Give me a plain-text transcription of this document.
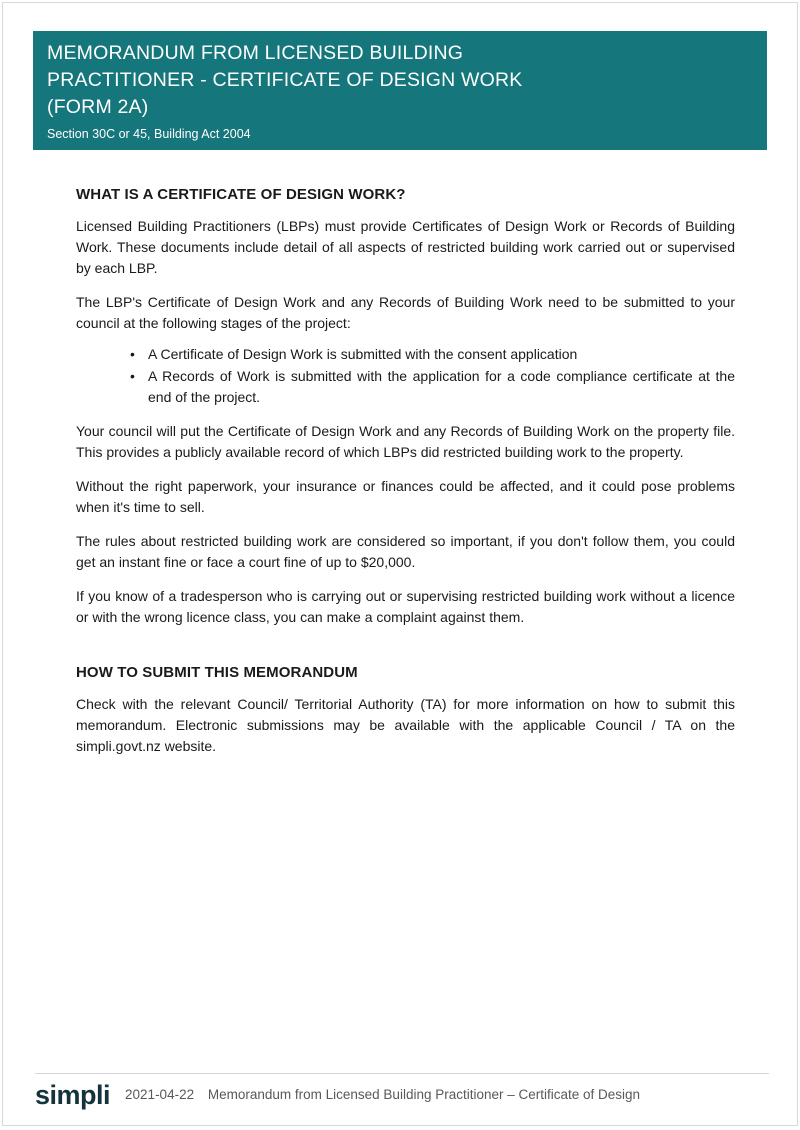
MEMORANDUM FROM LICENSED BUILDING
PRACTITIONER - CERTIFICATE OF DESIGN WORK
(FORM 2A)
Section 30C or 45, Building Act 2004
WHAT IS A CERTIFICATE OF DESIGN WORK?

Licensed Building Practitioners (LBPs) must provide Certificates of Design Work or Records of Building Work. These documents include detail of all aspects of restricted building work carried out or supervised by each LBP.

The LBP's Certificate of Design Work and any Records of Building Work need to be submitted to your council at the following stages of the project:

• A Certificate of Design Work is submitted with the consent application
• A Records of Work is submitted with the application for a code compliance certificate at the end of the project.

Your council will put the Certificate of Design Work and any Records of Building Work on the property file. This provides a publicly available record of which LBPs did restricted building work to the property.

Without the right paperwork, your insurance or finances could be affected, and it could pose problems when it's time to sell.

The rules about restricted building work are considered so important, if you don't follow them, you could get an instant fine or face a court fine of up to $20,000.

If you know of a tradesperson who is carrying out or supervising restricted building work without a licence or with the wrong licence class, you can make a complaint against them.

HOW TO SUBMIT THIS MEMORANDUM

Check with the relevant Council/ Territorial Authority (TA) for more information on how to submit this memorandum. Electronic submissions may be available with the applicable Council / TA on the simpli.govt.nz website.

simpli 2021-04-22 Memorandum from Licensed Building Practitioner – Certificate of Design
